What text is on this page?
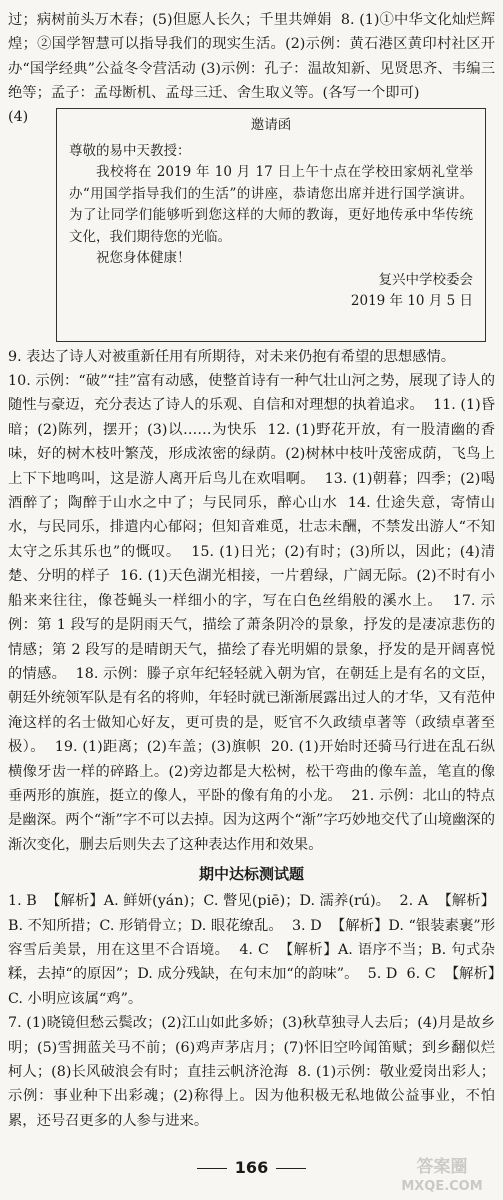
过；病树前头万木春；(5)但愿人长久；千里共婵娟  8. (1)①中华文化灿烂辉煌；②国学智慧可以指导我们的现实生活。(2)示例：黄石港区黄印村社区开办“国学经典”公益冬令营活动 (3)示例：孔子：温故知新、见贤思齐、韦编三绝等；孟子：孟母断机、孟母三迁、舍生取义等。(各写一个即可)

(4)	邀请函

尊敬的易中天教授：

我校将在 2019 年 10 月 17 日上午十点在学校田家炳礼堂举办“用国学指导我们的生活”的讲座，恭请您出席并进行国学演讲。为了让同学们能够听到您这样的大师的教诲，更好地传承中华传统文化，我们期待您的光临。

祝您身体健康！

复兴中学校委会

2019 年 10 月 5 日

9. 表达了诗人对被重新任用有所期待，对未来仍抱有希望的思想感情。

10. 示例：“破”“挂”富有动感，使整首诗有一种气壮山河之势，展现了诗人的随性与豪迈，充分表达了诗人的乐观、自信和对理想的执着追求。  11. (1)昏暗；(2)陈列，摆开；(3)以……为快乐  12. (1)野花开放，有一股清幽的香味，好的树木枝叶繁茂，形成浓密的绿荫。(2)树林中枝叶茂密成荫，飞鸟上上下下地鸣叫，这是游人离开后鸟儿在欢唱啊。  13. (1)朝暮；四季；(2)喝酒醉了；陶醉于山水之中了；与民同乐，醉心山水  14. 仕途失意，寄情山水，与民同乐，排遣内心郁闷；但知音难觅，壮志未酬，不禁发出游人“不知太守之乐其乐也”的慨叹。  15. (1)日光；(2)有时；(3)所以，因此；(4)清楚、分明的样子  16. (1)天色湖光相接，一片碧绿，广阔无际。(2)不时有小船来来往往，像苍蝇头一样细小的字，写在白色丝绢般的溪水上。  17. 示例：第 1 段写的是阴雨天气，描绘了萧条阴冷的景象，抒发的是凄凉悲伤的情感；第 2 段写的是晴朗天气，描绘了春光明媚的景象，抒发的是开阔喜悦的情感。  18. 示例：滕子京年纪轻轻就入朝为官，在朝廷上是有名的文臣，朝廷外统领军队是有名的将帅，年轻时就已渐渐展露出过人的才华，又有范仲淹这样的名士做知心好友，更可贵的是，贬官不久政绩卓著等（政绩卓著至极）。  19. (1)距离；(2)车盖；(3)旗帜  20. (1)开始时还骑马行进在乱石纵横像牙齿一样的碎路上。(2)旁边都是大松树，松干弯曲的像车盖，笔直的像垂两形的旗旌，挺立的像人，平卧的像有角的小龙。  21. 示例：北山的特点是幽深。两个“渐”字不可以去掉。因为这两个“渐”字巧妙地交代了山境幽深的渐次变化，删去后则失去了这种表达作用和效果。

期中达标测试题

1. B  【解析】A. 鲜妍(yán)；C. 瞥见(piē)；D. 濡养(rú)。  2. A  【解析】B. 不知所措；C. 形销骨立；D. 眼花缭乱。  3. D  【解析】D. “银装素裹”形容雪后美景，用在这里不合语境。  4. C  【解析】A. 语序不当；B. 句式杂糅，去掉“的原因”；D. 成分残缺，在句末加“的韵味”。  5. D  6. C  【解析】C. 小明应该属“鸡”。

7. (1)晓镜但愁云鬓改；(2)江山如此多娇；(3)秋草独寻人去后；(4)月是故乡明；(5)雪拥蓝关马不前；(6)鸡声茅店月；(7)怀旧空吟闻笛赋；到乡翻似烂柯人；(8)长风破浪会有时；直挂云帆济沧海  8. (1)示例：敬业爱岗出彩人；示例：事业种下出彩魂；(2)称得上。因为他积极无私地做公益事业，不怕累，还号召更多的人参与进来。

166	答案圈
MXQE.COM
